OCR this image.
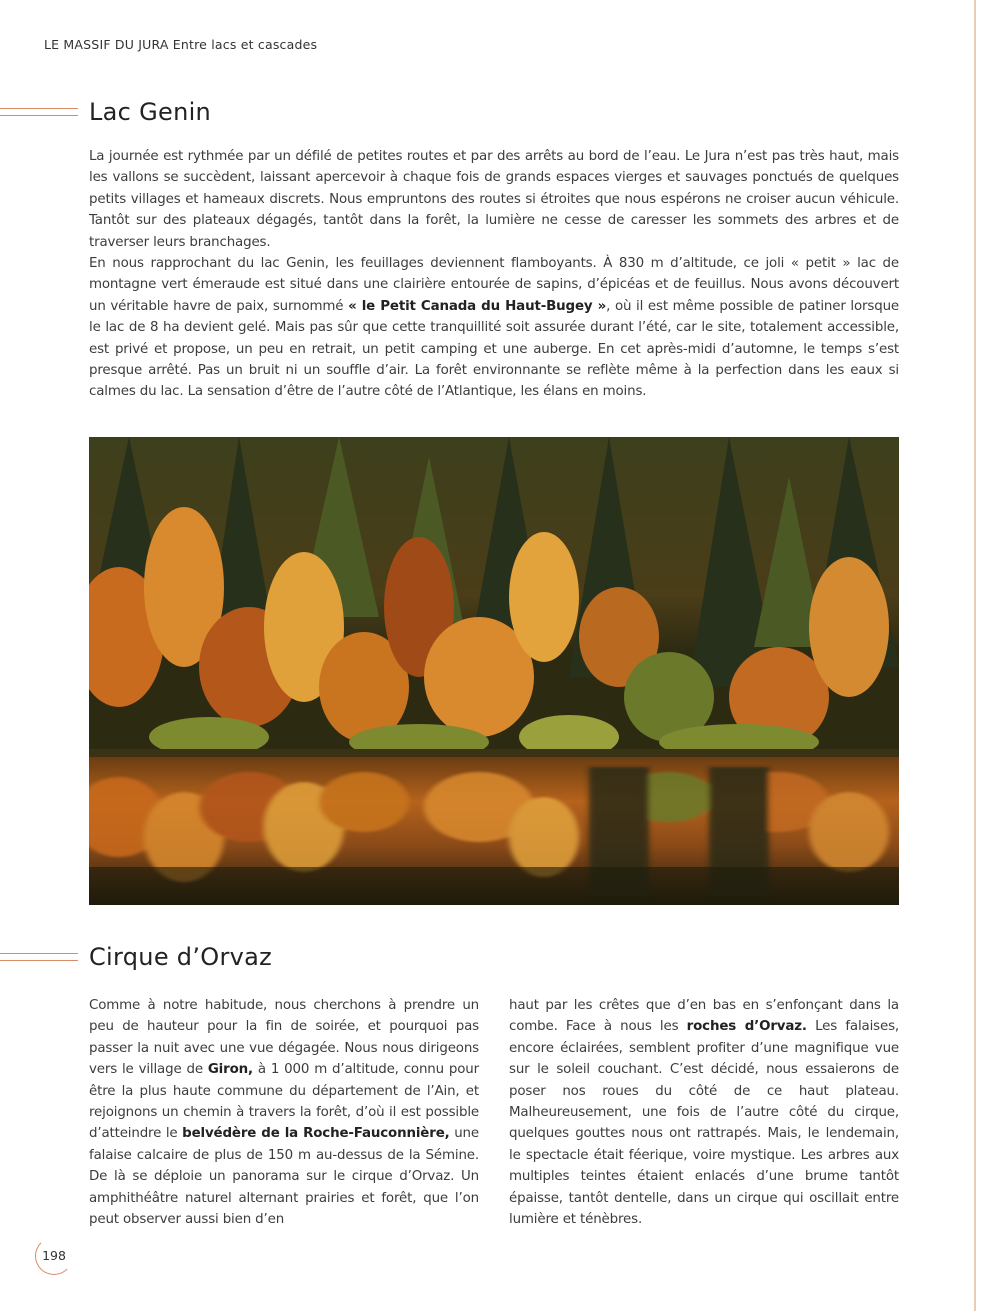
LE MASSIF DU JURA Entre lacs et cascades
Lac Genin

La journée est rythmée par un défilé de petites routes et par des arrêts au bord de l’eau. Le Jura n’est pas très haut, mais les vallons se succèdent, laissant apercevoir à chaque fois de grands espaces vierges et sauvages ponctués de quelques petits villages et hameaux discrets. Nous empruntons des routes si étroites que nous espérons ne croiser aucun véhicule. Tantôt sur des plateaux dégagés, tantôt dans la forêt, la lumière ne cesse de caresser les sommets des arbres et de traverser leurs branchages.

En nous rapprochant du lac Genin, les feuillages deviennent flamboyants. À 830 m d’altitude, ce joli « petit » lac de montagne vert émeraude est situé dans une clairière entourée de sapins, d’épicéas et de feuillus. Nous avons découvert un véritable havre de paix, surnommé « le Petit Canada du Haut-Bugey », où il est même possible de patiner lorsque le lac de 8 ha devient gelé. Mais pas sûr que cette tranquillité soit assurée durant l’été, car le site, totalement accessible, est privé et propose, un peu en retrait, un petit camping et une auberge. En cet après-midi d’automne, le temps s’est presque arrêté. Pas un bruit ni un souffle d’air. La forêt environnante se reflète même à la perfection dans les eaux si calmes du lac. La sensation d’être de l’autre côté de l’Atlantique, les élans en moins.

Cirque d’Orvaz

Comme à notre habitude, nous cherchons à prendre un peu de hauteur pour la fin de soirée, et pourquoi pas passer la nuit avec une vue dégagée. Nous nous dirigeons vers le village de Giron, à 1 000 m d’altitude, connu pour être la plus haute commune du département de l’Ain, et rejoignons un chemin à travers la forêt, d’où il est possible d’atteindre le belvédère de la Roche-Fauconnière, une falaise calcaire de plus de 150 m au-dessus de la Sémine. De là se déploie un panorama sur le cirque d’Orvaz. Un amphithéâtre naturel alternant prairies et forêt, que l’on peut observer aussi bien d’en

haut par les crêtes que d’en bas en s’enfonçant dans la combe. Face à nous les roches d’Orvaz. Les falaises, encore éclairées, semblent profiter d’une magnifique vue sur le soleil couchant. C’est décidé, nous essaierons de poser nos roues du côté de ce haut plateau. Malheureusement, une fois de l’autre côté du cirque, quelques gouttes nous ont rattrapés. Mais, le lendemain, le spectacle était féerique, voire mystique. Les arbres aux multiples teintes étaient enlacés d’une brume tantôt épaisse, tantôt dentelle, dans un cirque qui oscillait entre lumière et ténèbres.

198
